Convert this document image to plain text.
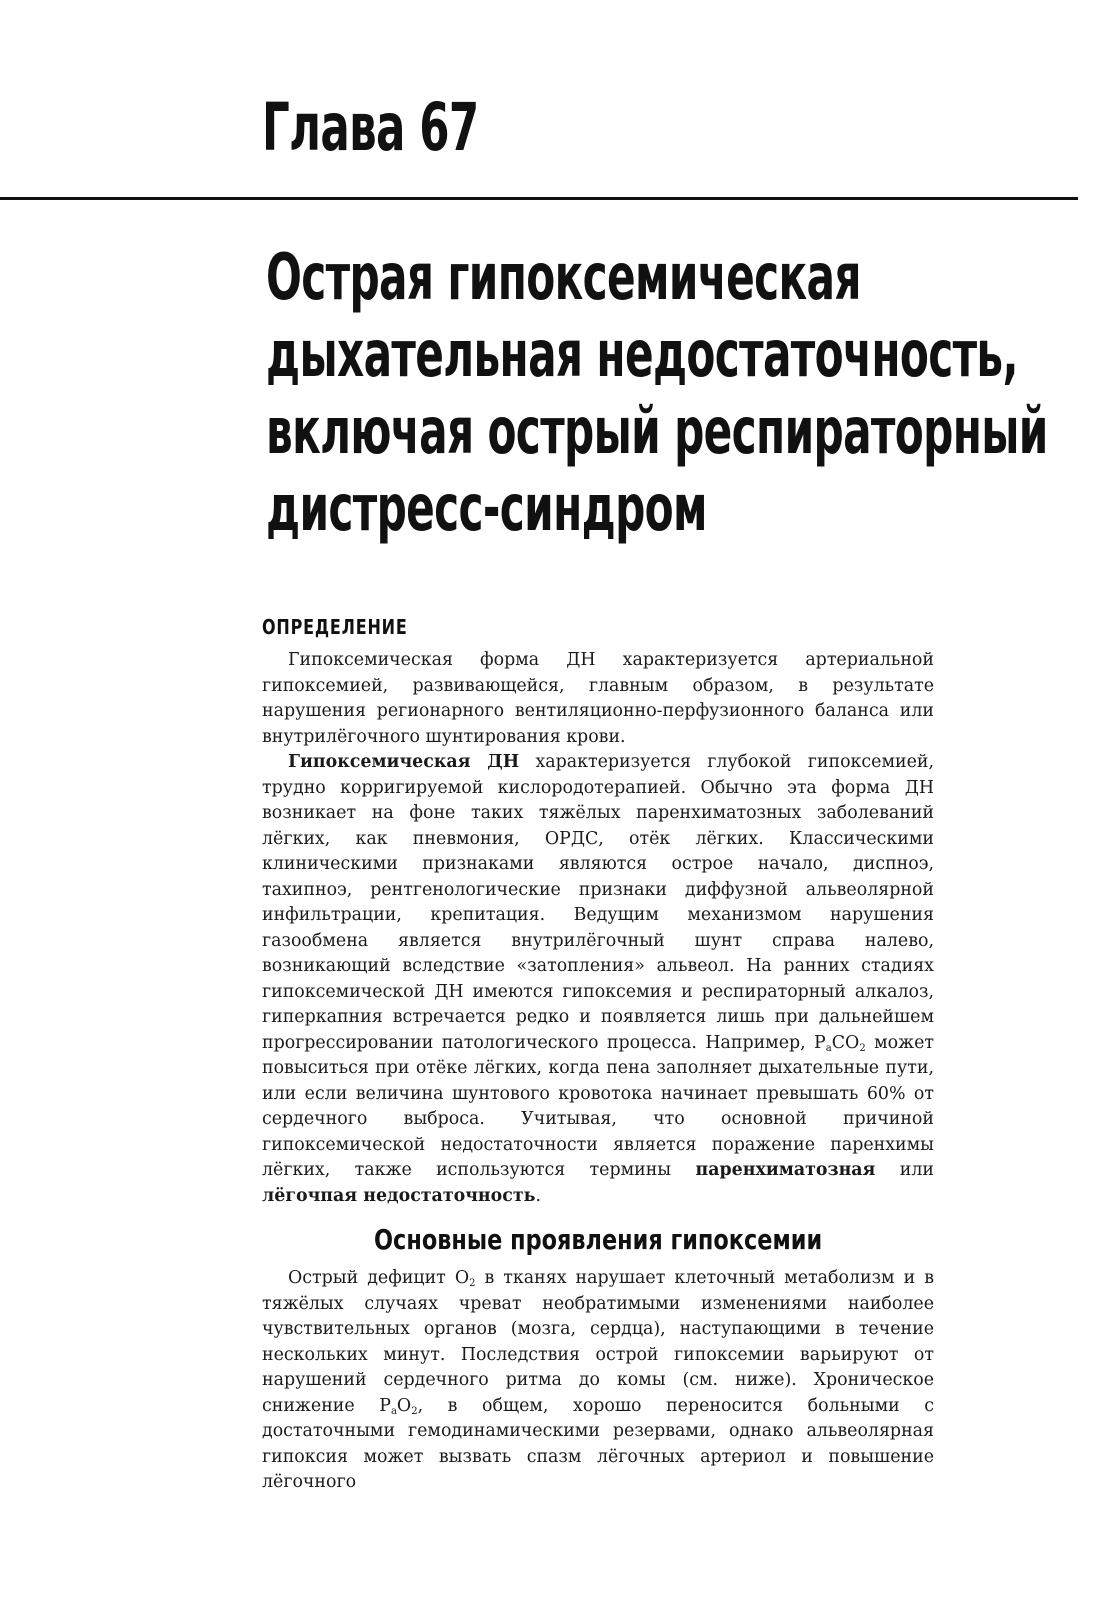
Глава 67
Острая гипоксемическая
дыхательная недостаточность,
включая острый респираторный
дистресс-синдром
ОПРЕДЕЛЕНИЕ

Гипоксемическая форма ДН характеризуется артериальной гипоксемией, развивающейся, главным образом, в результате нарушения регионарного вентиляционно-перфузионного баланса или внутрилёгочного шунтирования крови.

Гипоксемическая ДН характеризуется глубокой гипоксемией, трудно корригируемой кислородотерапией. Обычно эта форма ДН возникает на фоне таких тяжёлых паренхиматозных заболеваний лёгких, как пневмония, ОРДС, отёк лёгких. Классическими клиническими признаками являются острое начало, диспноэ, тахипноэ, рентгенологические признаки диффузной альвеолярной инфильтрации, крепитация. Ведущим механизмом нарушения газообмена является внутрилёгочный шунт справа налево, возникающий вследствие «затопления» альвеол. На ранних стадиях гипоксемической ДН имеются гипоксемия и респираторный алкалоз, гиперкапния встречается редко и появляется лишь при дальнейшем прогрессировании патологического процесса. Например, $P_aCO_2$ может повыситься при отёке лёгких, когда пена заполняет дыхательные пути, или если величина шунтового кровотока начинает превышать 60% от сердечного выброса. Учитывая, что основной причиной гипоксемической недостаточности является поражение паренхимы лёгких, также используются термины паренхиматозная или лёгочпая недостаточность.

Основные проявления гипоксемии

Острый дефицит $O_2$ в тканях нарушает клеточный метаболизм и в тяжёлых случаях чреват необратимыми изменениями наиболее чувствительных органов (мозга, сердца), наступающими в течение нескольких минут. Последствия острой гипоксемии варьируют от нарушений сердечного ритма до комы (см. ниже). Хроническое снижение $P_aO_2$, в общем, хорошо переносится больными с достаточными гемодинамическими резервами, однако альвеолярная гипоксия может вызвать спазм лёгочных артериол и повышение лёгочного
